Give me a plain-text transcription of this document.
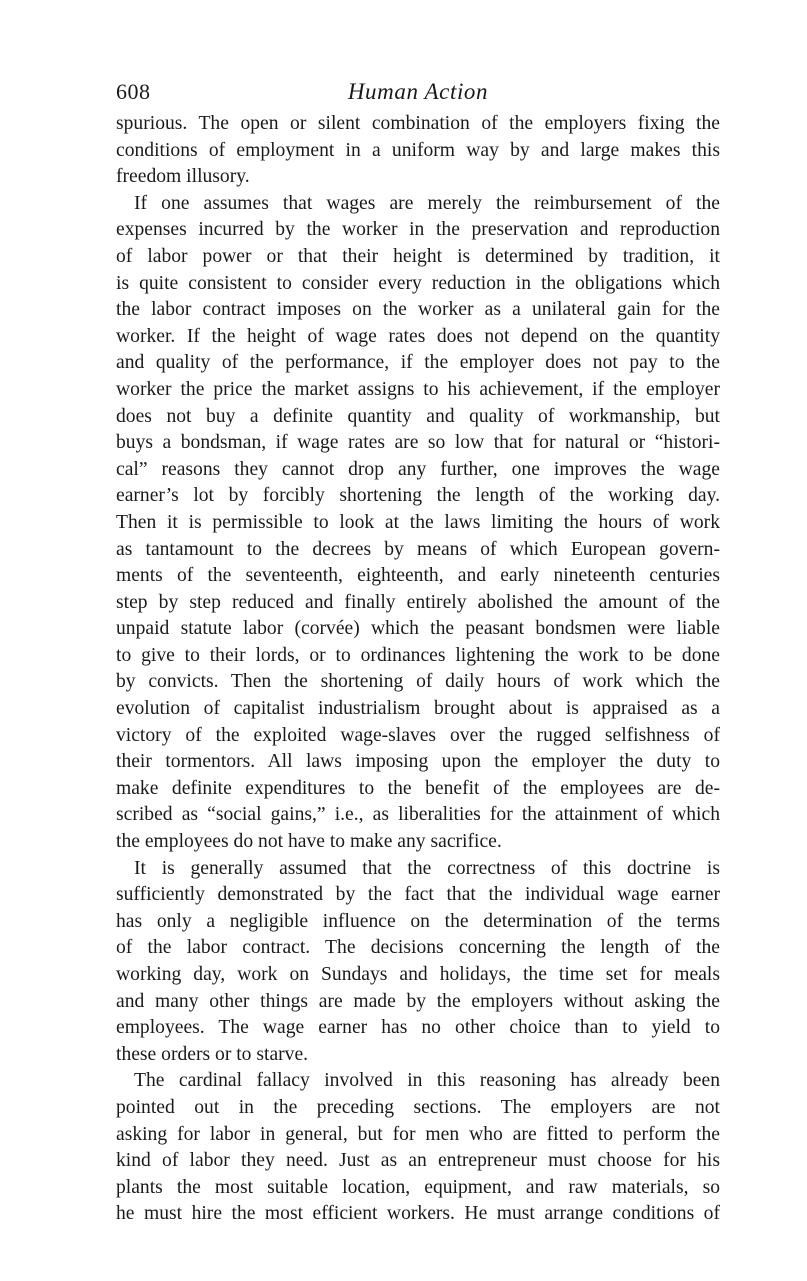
608	Human Action
spurious. The open or silent combination of the employers fixing the
conditions of employment in a uniform way by and large makes this
freedom illusory.
If one assumes that wages are merely the reimbursement of the
expenses incurred by the worker in the preservation and reproduction
of labor power or that their height is determined by tradition, it
is quite consistent to consider every reduction in the obligations which
the labor contract imposes on the worker as a unilateral gain for the
worker. If the height of wage rates does not depend on the quantity
and quality of the performance, if the employer does not pay to the
worker the price the market assigns to his achievement, if the employer
does not buy a definite quantity and quality of workmanship, but
buys a bondsman, if wage rates are so low that for natural or “histori-
cal” reasons they cannot drop any further, one improves the wage
earner’s lot by forcibly shortening the length of the working day.
Then it is permissible to look at the laws limiting the hours of work
as tantamount to the decrees by means of which European govern-
ments of the seventeenth, eighteenth, and early nineteenth centuries
step by step reduced and finally entirely abolished the amount of the
unpaid statute labor (corvée) which the peasant bondsmen were liable
to give to their lords, or to ordinances lightening the work to be done
by convicts. Then the shortening of daily hours of work which the
evolution of capitalist industrialism brought about is appraised as a
victory of the exploited wage-slaves over the rugged selfishness of
their tormentors. All laws imposing upon the employer the duty to
make definite expenditures to the benefit of the employees are de-
scribed as “social gains,” i.e., as liberalities for the attainment of which
the employees do not have to make any sacrifice.
It is generally assumed that the correctness of this doctrine is
sufficiently demonstrated by the fact that the individual wage earner
has only a negligible influence on the determination of the terms
of the labor contract. The decisions concerning the length of the
working day, work on Sundays and holidays, the time set for meals
and many other things are made by the employers without asking the
employees. The wage earner has no other choice than to yield to
these orders or to starve.
The cardinal fallacy involved in this reasoning has already been
pointed out in the preceding sections. The employers are not
asking for labor in general, but for men who are fitted to perform the
kind of labor they need. Just as an entrepreneur must choose for his
plants the most suitable location, equipment, and raw materials, so
he must hire the most efficient workers. He must arrange conditions of
